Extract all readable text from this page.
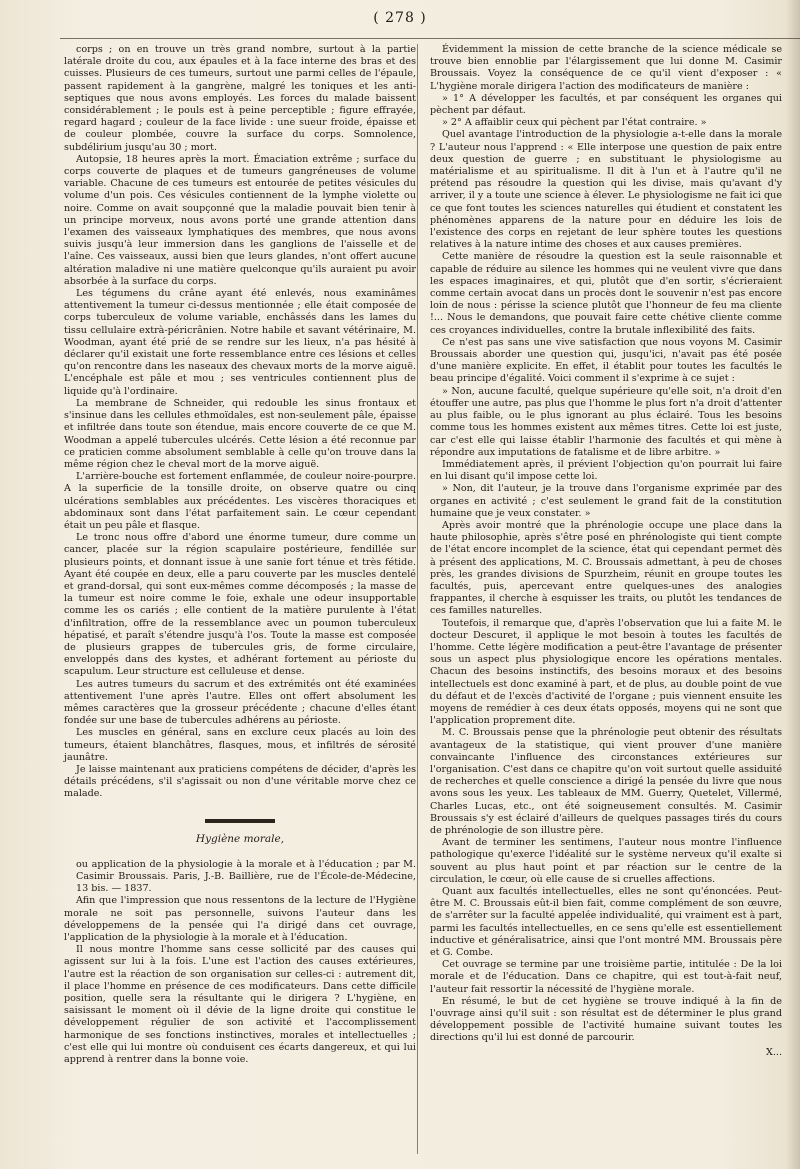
( 278 )

corps ; on en trouve un très grand nombre, surtout à la partie latérale droite du cou, aux épaules et à la face interne des bras et des cuisses. Plusieurs de ces tumeurs, surtout une parmi celles de l'épaule, passent rapidement à la gangrène, malgré les toniques et les anti-septiques que nous avons employés. Les forces du malade baissent considérablement ; le pouls est à peine perceptible ; figure effrayée, regard hagard ; couleur de la face livide : une sueur froide, épaisse et de couleur plombée, couvre la surface du corps. Somnolence, subdélirium jusqu'au 30 ; mort.

Autopsie, 18 heures après la mort. Émaciation extrême ; surface du corps couverte de plaques et de tumeurs gangréneuses de volume variable. Chacune de ces tumeurs est entourée de petites vésicules du volume d'un pois. Ces vésicules contiennent de la lymphe violette ou noire. Comme on avait soupçonné que la maladie pouvait bien tenir à un principe morveux, nous avons porté une grande attention dans l'examen des vaisseaux lymphatiques des membres, que nous avons suivis jusqu'à leur immersion dans les ganglions de l'aisselle et de l'aîne. Ces vaisseaux, aussi bien que leurs glandes, n'ont offert aucune altération maladive ni une matière quelconque qu'ils auraient pu avoir absorbée à la surface du corps.

Les tégumens du crâne ayant été enlevés, nous examinâmes attentivement la tumeur ci-dessus mentionnée ; elle était composée de corps tuberculeux de volume variable, enchâssés dans les lames du tissu cellulaire extrà-péricrânien. Notre habile et savant vétérinaire, M. Woodman, ayant été prié de se rendre sur les lieux, n'a pas hésité à déclarer qu'il existait une forte ressemblance entre ces lésions et celles qu'on rencontre dans les naseaux des chevaux morts de la morve aiguë. L'encéphale est pâle et mou ; ses ventricules contiennent plus de liquide qu'à l'ordinaire.

La membrane de Schneider, qui redouble les sinus frontaux et s'insinue dans les cellules ethmoïdales, est non-seulement pâle, épaisse et infiltrée dans toute son étendue, mais encore couverte de ce que M. Woodman a appelé tubercules ulcérés. Cette lésion a été reconnue par ce praticien comme absolument semblable à celle qu'on trouve dans la même région chez le cheval mort de la morve aiguë.

L'arrière-bouche est fortement enflammée, de couleur noire-pourpre. A la superficie de la tonsille droite, on observe quatre ou cinq ulcérations semblables aux précédentes. Les viscères thoraciques et abdominaux sont dans l'état parfaitement sain. Le cœur cependant était un peu pâle et flasque.

Le tronc nous offre d'abord une énorme tumeur, dure comme un cancer, placée sur la région scapulaire postérieure, fendillée sur plusieurs points, et donnant issue à une sanie fort ténue et très fétide. Ayant été coupée en deux, elle a paru couverte par les muscles dentelé et grand-dorsal, qui sont eux-mêmes comme décomposés ; la masse de la tumeur est noire comme le foie, exhale une odeur insupportable comme les os cariés ; elle contient de la matière purulente à l'état d'infiltration, offre de la ressemblance avec un poumon tuberculeux hépatisé, et paraît s'étendre jusqu'à l'os. Toute la masse est composée de plusieurs grappes de tubercules gris, de forme circulaire, enveloppés dans des kystes, et adhérant fortement au périoste du scapulum. Leur structure est celluleuse et dense.

Les autres tumeurs du sacrum et des extrémités ont été examinées attentivement l'une après l'autre. Elles ont offert absolument les mêmes caractères que la grosseur précédente ; chacune d'elles étant fondée sur une base de tubercules adhérens au périoste.

Les muscles en général, sans en exclure ceux placés au loin des tumeurs, étaient blanchâtres, flasques, mous, et infiltrés de sérosité jaunâtre.

Je laisse maintenant aux praticiens compétens de décider, d'après les détails précédens, s'il s'agissait ou non d'une véritable morve chez ce malade.

Hygiène morale,

ou application de la physiologie à la morale et à l'éducation ; par M. Casimir Broussais. Paris, J.-B. Baillière, rue de l'École-de-Médecine, 13 bis. — 1837.

Afin que l'impression que nous ressentons de la lecture de l'Hygiène morale ne soit pas personnelle, suivons l'auteur dans les développemens de la pensée qui l'a dirigé dans cet ouvrage, l'application de la physiologie à la morale et à l'éducation.

Il nous montre l'homme sans cesse sollicité par des causes qui agissent sur lui à la fois. L'une est l'action des causes extérieures, l'autre est la réaction de son organisation sur celles-ci : autrement dit, il place l'homme en présence de ces modificateurs. Dans cette difficile position, quelle sera la résultante qui le dirigera ? L'hygiène, en saisissant le moment où il dévie de la ligne droite qui constitue le développement régulier de son activité et l'accomplissement harmonique de ses fonctions instinctives, morales et intellectuelles ; c'est elle qui lui montre où conduisent ces écarts dangereux, et qui lui apprend à rentrer dans la bonne voie.

Évidemment la mission de cette branche de la science médicale se trouve bien ennoblie par l'élargissement que lui donne M. Casimir Broussais. Voyez la conséquence de ce qu'il vient d'exposer : « L'hygiène morale dirigera l'action des modificateurs de manière :

» 1° A développer les facultés, et par conséquent les organes qui pèchent par défaut.

» 2° A affaiblir ceux qui pèchent par l'état contraire. »

Quel avantage l'introduction de la physiologie a-t-elle dans la morale ? L'auteur nous l'apprend : « Elle interpose une question de paix entre deux question de guerre ; en substituant le physiologisme au matérialisme et au spiritualisme. Il dit à l'un et à l'autre qu'il ne prétend pas résoudre la question qui les divise, mais qu'avant d'y arriver, il y a toute une science à élever. Le physiologisme ne fait ici que ce que font toutes les sciences naturelles qui étudient et constatent les phénomènes apparens de la nature pour en déduire les lois de l'existence des corps en rejetant de leur sphère toutes les questions relatives à la nature intime des choses et aux causes premières.

Cette manière de résoudre la question est la seule raisonnable et capable de réduire au silence les hommes qui ne veulent vivre que dans les espaces imaginaires, et qui, plutôt que d'en sortir, s'écrieraient comme certain avocat dans un procès dont le souvenir n'est pas encore loin de nous : périsse la science plutôt que l'honneur de feu ma cliente !... Nous le demandons, que pouvait faire cette chétive cliente comme ces croyances individuelles, contre la brutale inflexibilité des faits.

Ce n'est pas sans une vive satisfaction que nous voyons M. Casimir Broussais aborder une question qui, jusqu'ici, n'avait pas été posée d'une manière explicite. En effet, il établit pour toutes les facultés le beau principe d'égalité. Voici comment il s'exprime à ce sujet :

» Non, aucune faculté, quelque supérieure qu'elle soit, n'a droit d'en étouffer une autre, pas plus que l'homme le plus fort n'a droit d'attenter au plus faible, ou le plus ignorant au plus éclairé. Tous les besoins comme tous les hommes existent aux mêmes titres. Cette loi est juste, car c'est elle qui laisse établir l'harmonie des facultés et qui mène à répondre aux imputations de fatalisme et de libre arbitre. »

Immédiatement après, il prévient l'objection qu'on pourrait lui faire en lui disant qu'il impose cette loi.

» Non, dit l'auteur, je la trouve dans l'organisme exprimée par des organes en activité ; c'est seulement le grand fait de la constitution humaine que je veux constater. »

Après avoir montré que la phrénologie occupe une place dans la haute philosophie, après s'être posé en phrénologiste qui tient compte de l'état encore incomplet de la science, état qui cependant permet dès à présent des applications, M. C. Broussais admettant, à peu de choses près, les grandes divisions de Spurzheim, réunit en groupe toutes les facultés, puis, apercevant entre quelques-unes des analogies frappantes, il cherche à esquisser les traits, ou plutôt les tendances de ces familles naturelles.

Toutefois, il remarque que, d'après l'observation que lui a faite M. le docteur Descuret, il applique le mot besoin à toutes les facultés de l'homme. Cette légère modification a peut-être l'avantage de présenter sous un aspect plus physiologique encore les opérations mentales. Chacun des besoins instinctifs, des besoins moraux et des besoins intellectuels est donc examiné à part, et de plus, au double point de vue du défaut et de l'excès d'activité de l'organe ; puis viennent ensuite les moyens de remédier à ces deux états opposés, moyens qui ne sont que l'application proprement dite.

M. C. Broussais pense que la phrénologie peut obtenir des résultats avantageux de la statistique, qui vient prouver d'une manière convaincante l'influence des circonstances extérieures sur l'organisation. C'est dans ce chapitre qu'on voit surtout quelle assiduité de recherches et quelle conscience a dirigé la pensée du livre que nous avons sous les yeux. Les tableaux de MM. Guerry, Quetelet, Villermé, Charles Lucas, etc., ont été soigneusement consultés. M. Casimir Broussais s'y est éclairé d'ailleurs de quelques passages tirés du cours de phrénologie de son illustre père.

Avant de terminer les sentimens, l'auteur nous montre l'influence pathologique qu'exerce l'idéalité sur le système nerveux qu'il exalte si souvent au plus haut point et par réaction sur le centre de la circulation, le cœur, où elle cause de si cruelles affections.

Quant aux facultés intellectuelles, elles ne sont qu'énoncées. Peut-être M. C. Broussais eût-il bien fait, comme complément de son œuvre, de s'arrêter sur la faculté appelée individualité, qui vraiment est à part, parmi les facultés intellectuelles, en ce sens qu'elle est essentiellement inductive et généralisatrice, ainsi que l'ont montré MM. Broussais père et G. Combe.

Cet ouvrage se termine par une troisième partie, intitulée : De la loi morale et de l'éducation. Dans ce chapitre, qui est tout-à-fait neuf, l'auteur fait ressortir la nécessité de l'hygiène morale.

En résumé, le but de cet hygiène se trouve indiqué à la fin de l'ouvrage ainsi qu'il suit : son résultat est de déterminer le plus grand développement possible de l'activité humaine suivant toutes les directions qu'il lui est donné de parcourir.

X...
